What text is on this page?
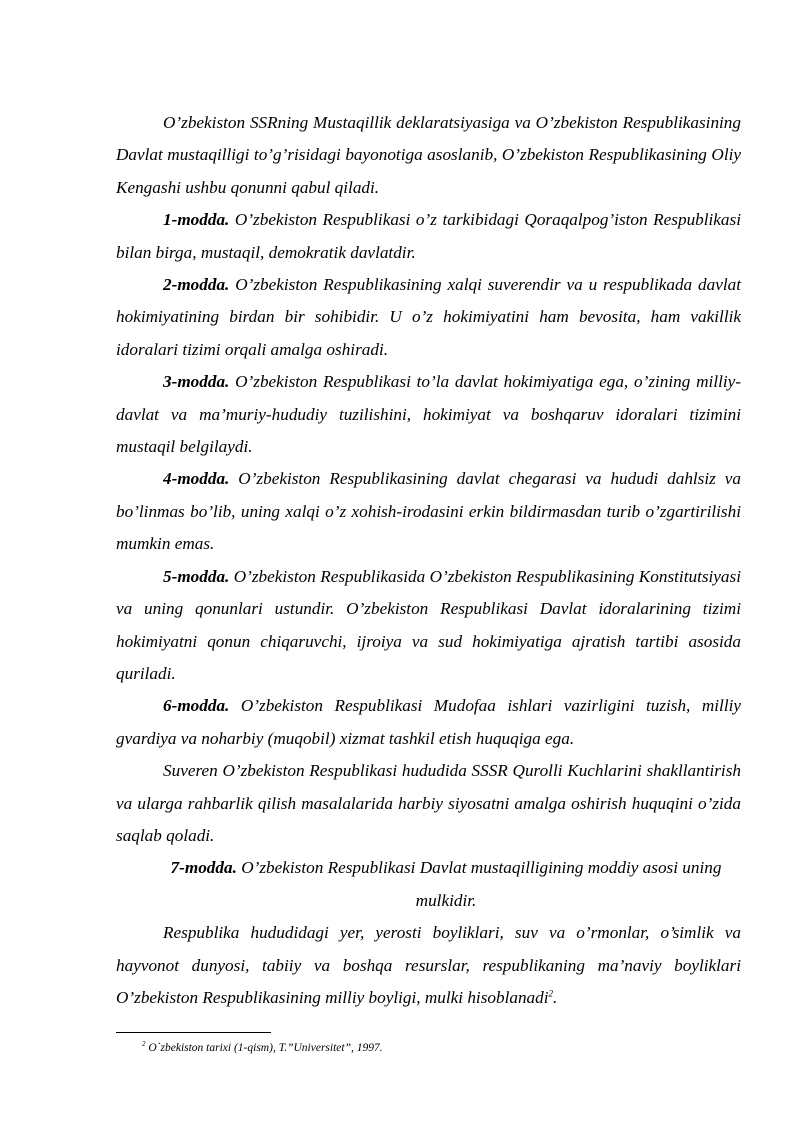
O’zbekiston SSRning Mustaqillik deklaratsiyasiga va O’zbekiston Respublikasining Davlat mustaqilligi to’g’risidagi bayonotiga asoslanib, O’zbekiston Respublikasining Oliy Kengashi ushbu qonunni qabul qiladi.

1-modda. O’zbekiston Respublikasi o’z tarkibidagi Qoraqalpog’iston Respublikasi bilan birga, mustaqil, demokratik davlatdir.

2-modda. O’zbekiston Respublikasining xalqi suverendir va u respublikada davlat hokimiyatining birdan bir sohibidir. U o’z hokimiyatini ham bevosita, ham vakillik idoralari tizimi orqali amalga oshiradi.

3-modda. O’zbekiston Respublikasi to’la davlat hokimiyatiga ega, o’zining milliy-davlat va ma’muriy-hududiy tuzilishini, hokimiyat va boshqaruv idoralari tizimini mustaqil belgilaydi.

4-modda. O’zbekiston Respublikasining davlat chegarasi va hududi dahlsiz va bo’linmas bo’lib, uning xalqi o’z xohish-irodasini erkin bildirmasdan turib o’zgartirilishi mumkin emas.

5-modda. O’zbekiston Respublikasida O’zbekiston Respublikasining Konstitutsiyasi va uning qonunlari ustundir. O’zbekiston Respublikasi Davlat idoralarining tizimi hokimiyatni qonun chiqaruvchi, ijroiya va sud hokimiyatiga ajratish tartibi asosida quriladi.

6-modda. O’zbekiston Respublikasi Mudofaa ishlari vazirligini tuzish, milliy gvardiya va noharbiy (muqobil) xizmat tashkil etish huquqiga ega.

Suveren O’zbekiston Respublikasi hududida SSSR Qurolli Kuchlarini shakllantirish va ularga rahbarlik qilish masalalarida harbiy siyosatni amalga oshirish huquqini o’zida saqlab qoladi.

7-modda. O’zbekiston Respublikasi Davlat mustaqilligining moddiy asosi uning mulkidir.

Respublika hududidagi yer, yerosti boyliklari, suv va o’rmonlar, o’simlik va hayvonot dunyosi, tabiiy va boshqa resurslar, respublikaning ma’naviy boyliklari O’zbekiston Respublikasining milliy boyligi, mulki hisoblanadi$^2$.

$^2$ O`zbekiston tarixi (1-qism), T.”Universitet”, 1997.
